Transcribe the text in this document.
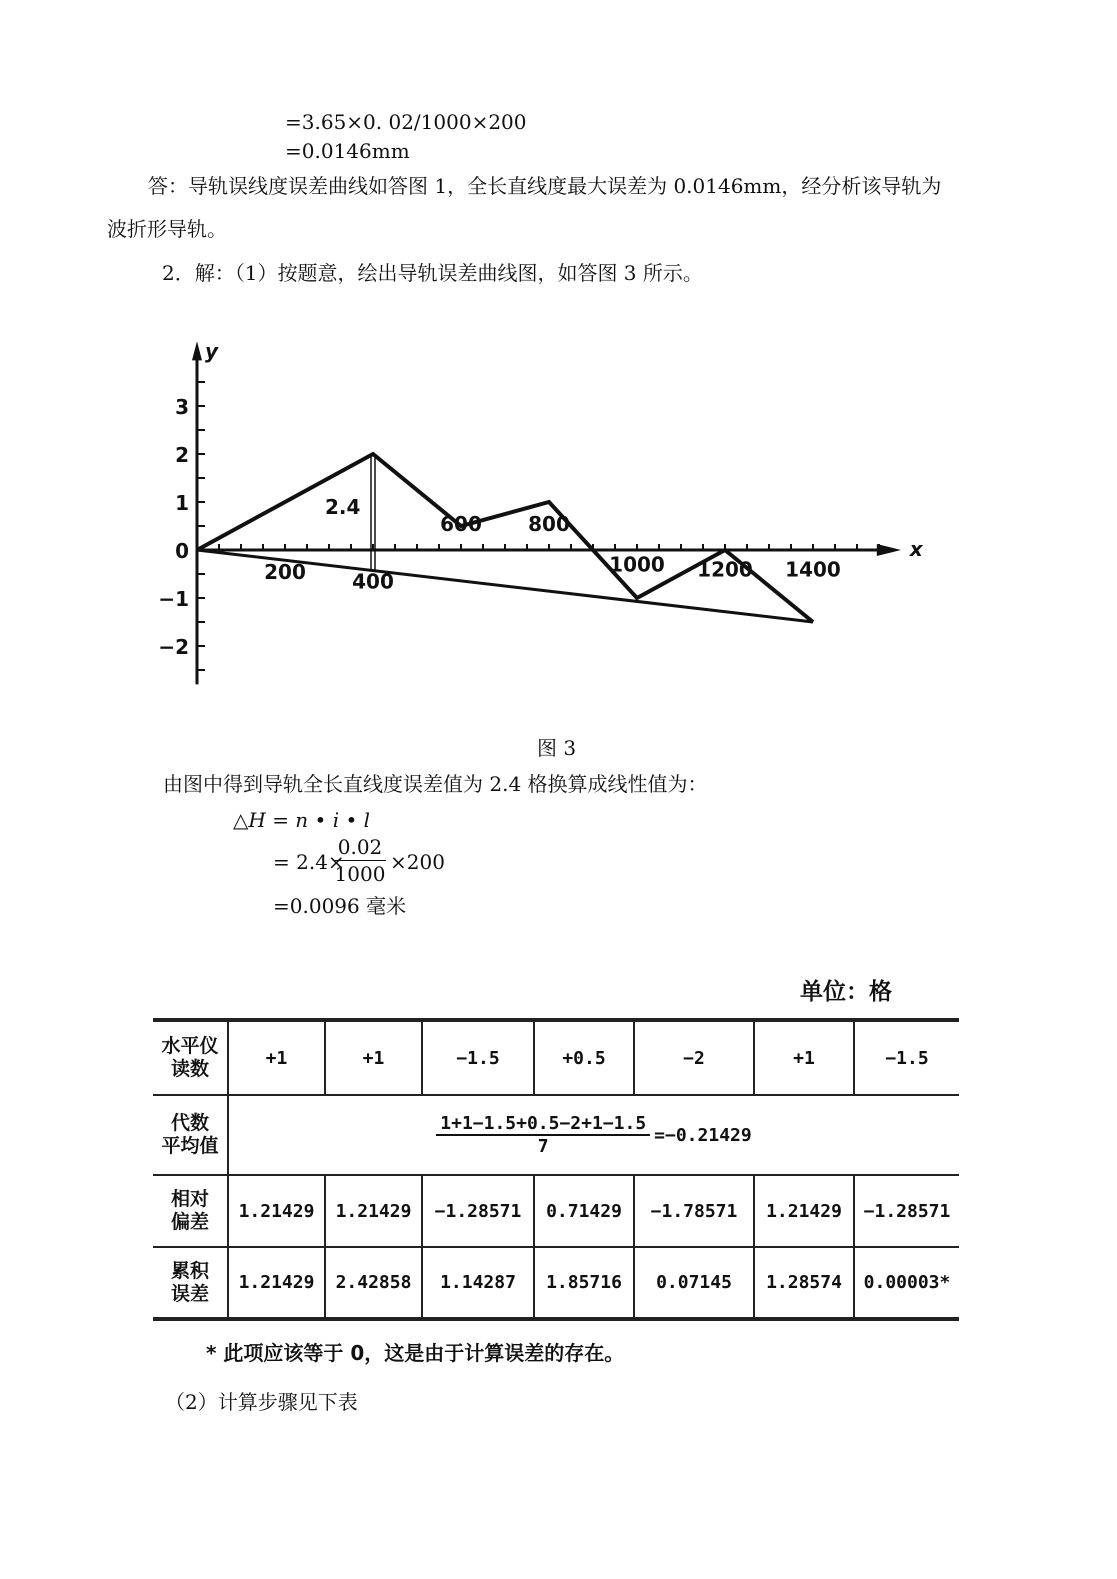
=3.65×0. 02/1000×200
=0.0146mm
答：导轨误线度误差曲线如答图 1，全长直线度最大误差为 0.0146mm，经分析该导轨为
波折形导轨。
2．解：（1）按题意，绘出导轨误差曲线图，如答图 3 所示。
2.4
200 400
600 800
1000 1200 1400
3
2
1
0
−1
−2
x
y
图 3
由图中得到导轨全长直线度误差值为 2.4 格换算成线性值为：
△H = n • i • l
= 2.4×
$\frac{0.02}{1000} \times 200$
=0.0096 毫米
单位：格
水平仪
读数	+1	+1	−1.5	+0.5	−2	+1	−1.5

代数
平均值	$\frac{1+1-1.5+0.5-2+1-1.5}{7} =-0.21429$						

相对
偏差	1.21429	1.21429	−1.28571	0.71429	−1.78571	1.21429	−1.28571

累积
误差	1.21429	2.42858	1.14287	1.85716	0.07145	1.28574	0.00003*
* 此项应该等于 0，这是由于计算误差的存在。
（2）计算步骤见下表
